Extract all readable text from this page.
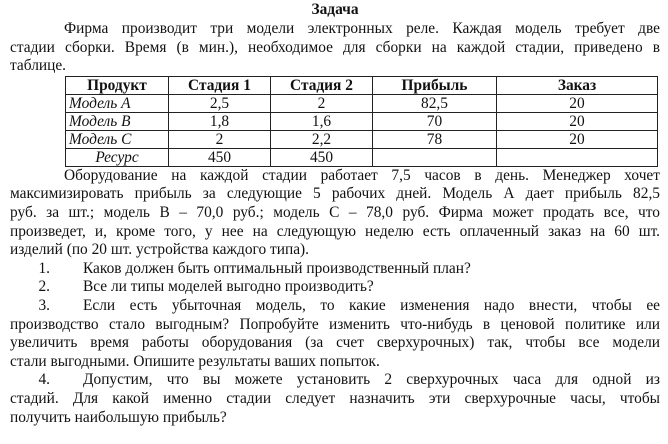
Задача

Фирма производит три модели электронных реле. Каждая модель требует две

стадии сборки. Время (в мин.), необходимое для сборки на каждой стадии, приведено в

таблице.

Продукт	Стадия 1	Стадия 2	Прибыль	Заказ
Модель А	2,5	2	82,5	20
Модель В	1,8	1,6	70	20
Модель С	2	2,2	78	20
Ресурс	450	450		

Оборудование на каждой стадии работает 7,5 часов в день. Менеджер хочет

максимизировать прибыль за следующие 5 рабочих дней. Модель А дает прибыль 82,5

руб. за шт.; модель В – 70,0 руб.; модель С – 78,0 руб. Фирма может продать все, что

произведет, и, кроме того, у нее на следующую неделю есть оплаченный заказ на 60 шт.

изделий (по 20 шт. устройства каждого типа).

1.	Каков должен быть оптимальный производственный план?
2.	Все ли типы моделей выгодно производить?
3.	Если есть убыточная модель, то какие изменения надо внести, чтобы ее

производство стало выгодным? Попробуйте изменить что-нибудь в ценовой политике или

увеличить время работы оборудования (за счет сверхурочных) так, чтобы все модели

стали выгодными. Опишите результаты ваших попыток.

4.	Допустим, что вы можете установить 2 сверхурочных часа для одной из

стадий. Для какой именно стадии следует назначить эти сверхурочные часы, чтобы

получить наибольшую прибыль?
